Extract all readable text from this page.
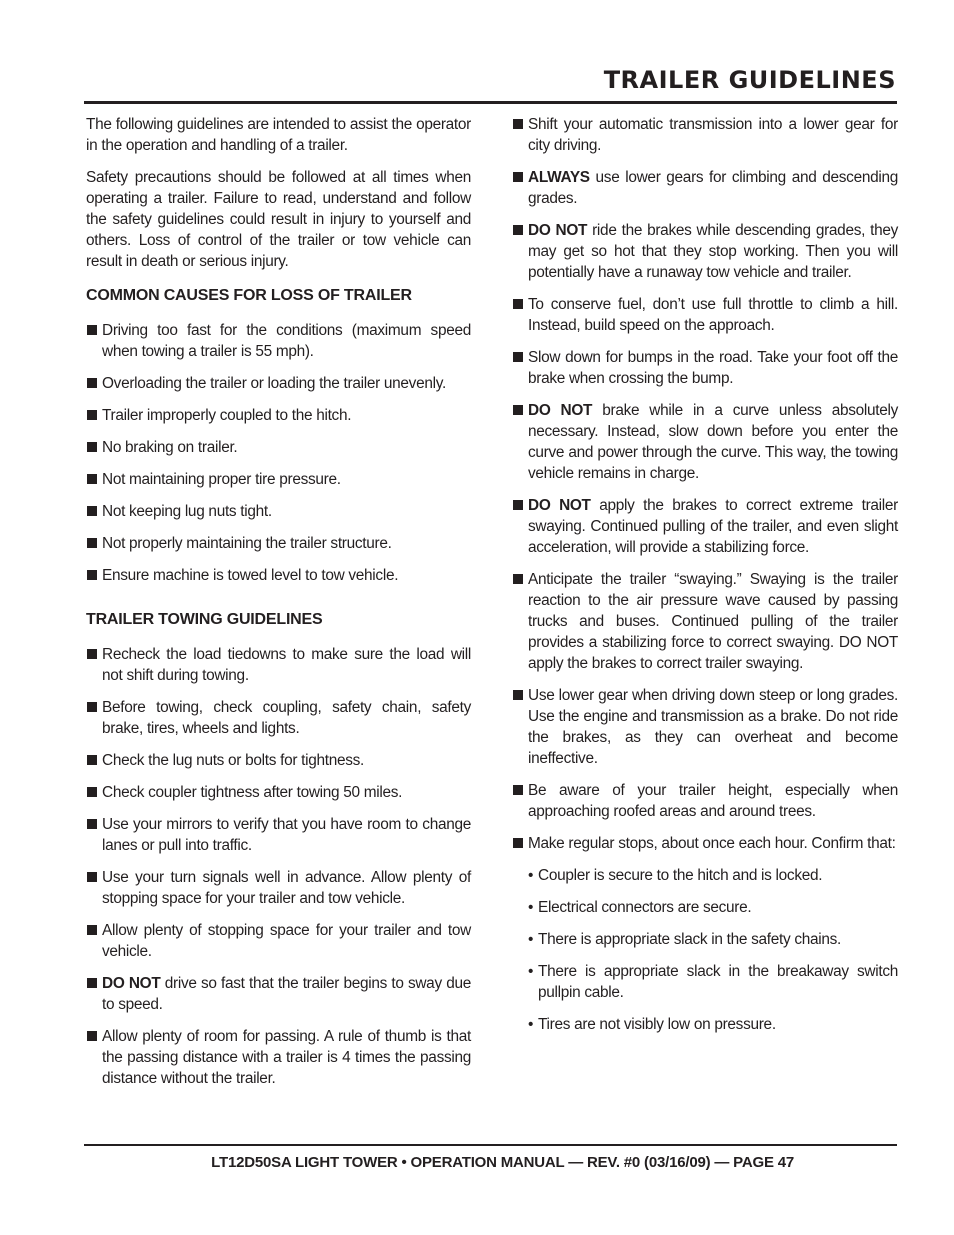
TRAILER GUIDELINES

The following guidelines are intended to assist the operator in the operation and handling of a trailer.

Safety precautions should be followed at all times when operating a trailer. Failure to read, understand and follow the safety guidelines could result in injury to yourself and others. Loss of control of the trailer or tow vehicle can result in death or serious injury.

COMMON CAUSES FOR LOSS OF TRAILER
Driving too fast for the conditions (maximum speed when towing a trailer is 55 mph).
Overloading the trailer or loading the trailer unevenly.
Trailer improperly coupled to the hitch.
No braking on trailer.
Not maintaining proper tire pressure.
Not keeping lug nuts tight.
Not properly maintaining the trailer structure.
Ensure machine is towed level to tow vehicle.
TRAILER TOWING GUIDELINES
Recheck the load tiedowns to make sure the load will not shift during towing.
Before towing, check coupling, safety chain, safety brake, tires, wheels and lights.
Check the lug nuts or bolts for tightness.
Check coupler tightness after towing 50 miles.
Use your mirrors to verify that you have room to change lanes or pull into traffic.
Use your turn signals well in advance. Allow plenty of stopping space for your trailer and tow vehicle.
Allow plenty of stopping space for your trailer and tow vehicle.
DO NOT drive so fast that the trailer begins to sway due to speed.
Allow plenty of room for passing. A rule of thumb is that the passing distance with a trailer is 4 times the passing distance without the trailer.
Shift your automatic transmission into a lower gear for city driving.
ALWAYS use lower gears for climbing and descending grades.
DO NOT ride the brakes while descending grades, they may get so hot that they stop working. Then you will potentially have a runaway tow vehicle and trailer.
To conserve fuel, don’t use full throttle to climb a hill. Instead, build speed on the approach.
Slow down for bumps in the road. Take your foot off the brake when crossing the bump.
DO NOT brake while in a curve unless absolutely necessary. Instead, slow down before you enter the curve and power through the curve. This way, the towing vehicle remains in charge.
DO NOT apply the brakes to correct extreme trailer swaying. Continued pulling of the trailer, and even slight acceleration, will provide a stabilizing force.
Anticipate the trailer “swaying.” Swaying is the trailer reaction to the air pressure wave caused by passing trucks and buses. Continued pulling of the trailer provides a stabilizing force to correct swaying. DO NOT apply the brakes to correct trailer swaying.
Use lower gear when driving down steep or long grades. Use the engine and transmission as a brake. Do not ride the brakes, as they can overheat and become ineffective.
Be aware of your trailer height, especially when approaching roofed areas and around trees.
Make regular stops, about once each hour. Confirm that:
• Coupler is secure to the hitch and is locked.
• Electrical connectors are secure.
• There is appropriate slack in the safety chains.
• There is appropriate slack in the breakaway switch pullpin cable.
• Tires are not visibly low on pressure.
LT12D50SA LIGHT TOWER • OPERATION MANUAL — REV. #0 (03/16/09) — PAGE 47
